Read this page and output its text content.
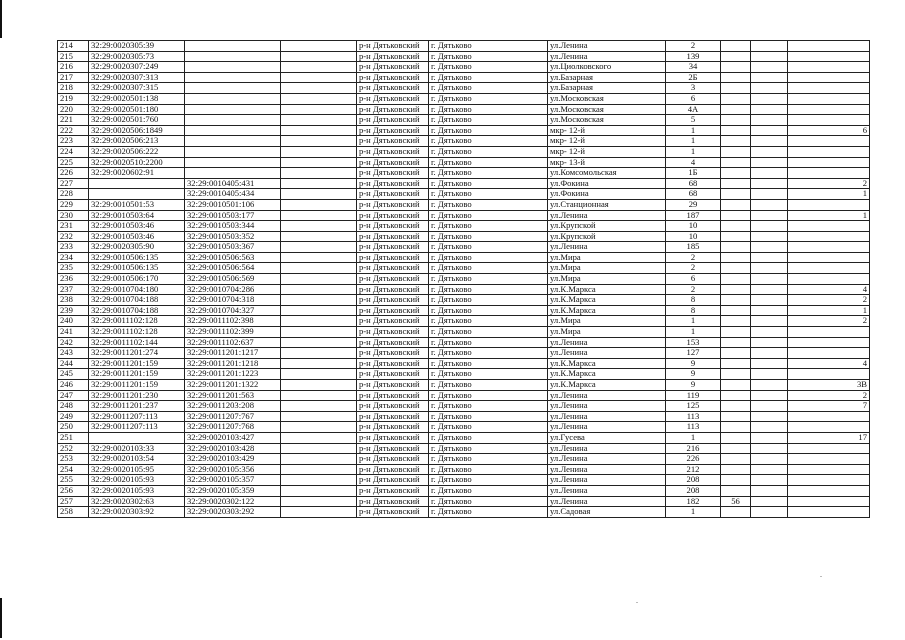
214	32:29:0020305:39			р-н Дятьковский	г. Дятьково	ул.Ленина	2			
215	32:29:0020305:73			р-н Дятьковский	г. Дятьково	ул.Ленина	139			
216	32:29:0020307:249			р-н Дятьковский	г. Дятьково	ул.Циолковского	34			
217	32:29:0020307:313			р-н Дятьковский	г. Дятьково	ул.Базарная	2Б			
218	32:29:0020307:315			р-н Дятьковский	г. Дятьково	ул.Базарная	3			
219	32:29:0020501:138			р-н Дятьковский	г. Дятьково	ул.Московская	6			
220	32:29:0020501:180			р-н Дятьковский	г. Дятьково	ул.Московская	4А			
221	32:29:0020501:760			р-н Дятьковский	г. Дятьково	ул.Московская	5			
222	32:29:0020506:1849			р-н Дятьковский	г. Дятьково	мкр- 12-й	1			6
223	32:29:0020506:213			р-н Дятьковский	г. Дятьково	мкр- 12-й	1			
224	32:29:0020506:222			р-н Дятьковский	г. Дятьково	мкр- 12-й	1			
225	32:29:0020510:2200			р-н Дятьковский	г. Дятьково	мкр- 13-й	4			
226	32:29:0020602:91			р-н Дятьковский	г. Дятьково	ул.Комсомольская	1Б			
227		32:29:0010405:431		р-н Дятьковский	г. Дятьково	ул.Фокина	68			2
228		32:29:0010405:434		р-н Дятьковский	г. Дятьково	ул.Фокина	68			1
229	32:29:0010501:53	32:29:0010501:106		р-н Дятьковский	г. Дятьково	ул.Станционная	29			
230	32:29:0010503:64	32:29:0010503:177		р-н Дятьковский	г. Дятьково	ул.Ленина	187			1
231	32:29:0010503:46	32:29:0010503:344		р-н Дятьковский	г. Дятьково	ул.Крупской	10			
232	32:29:0010503:46	32:29:0010503:352		р-н Дятьковский	г. Дятьково	ул.Крупской	10			
233	32:29:0020305:90	32:29:0010503:367		р-н Дятьковский	г. Дятьково	ул.Ленина	185			
234	32:29:0010506:135	32:29:0010506:563		р-н Дятьковский	г. Дятьково	ул.Мира	2			
235	32:29:0010506:135	32:29:0010506:564		р-н Дятьковский	г. Дятьково	ул.Мира	2			
236	32:29:0010506:170	32:29:0010506:569		р-н Дятьковский	г. Дятьково	ул.Мира	6			
237	32:29:0010704:180	32:29:0010704:286		р-н Дятьковский	г. Дятьково	ул.К.Маркса	2			4
238	32:29:0010704:188	32:29:0010704:318		р-н Дятьковский	г. Дятьково	ул.К.Маркса	8			2
239	32:29:0010704:188	32:29:0010704:327		р-н Дятьковский	г. Дятьково	ул.К.Маркса	8			1
240	32:29:0011102:128	32:29:0011102:398		р-н Дятьковский	г. Дятьково	ул.Мира	1			2
241	32:29:0011102:128	32:29:0011102:399		р-н Дятьковский	г. Дятьково	ул.Мира	1			
242	32:29:0011102:144	32:29:0011102:637		р-н Дятьковский	г. Дятьково	ул.Ленина	153			
243	32:29:0011201:274	32:29:0011201:1217		р-н Дятьковский	г. Дятьково	ул.Ленина	127			
244	32:29:0011201:159	32:29:0011201:1218		р-н Дятьковский	г. Дятьково	ул.К.Маркса	9			4
245	32:29:0011201:159	32:29:0011201:1223		р-н Дятьковский	г. Дятьково	ул.К.Маркса	9			
246	32:29:0011201:159	32:29:0011201:1322		р-н Дятьковский	г. Дятьково	ул.К.Маркса	9			3В
247	32:29:0011201:230	32:29:0011201:563		р-н Дятьковский	г. Дятьково	ул.Ленина	119			2
248	32:29:0011201:237	32:29:0011203:208		р-н Дятьковский	г. Дятьково	ул.Ленина	125			7
249	32:29:0011207:113	32:29:0011207:767		р-н Дятьковский	г. Дятьково	ул.Ленина	113			
250	32:29:0011207:113	32:29:0011207:768		р-н Дятьковский	г. Дятьково	ул.Ленина	113			
251		32:29:0020103:427		р-н Дятьковский	г. Дятьково	ул.Гусева	1			17
252	32:29:0020103:33	32:29:0020103:428		р-н Дятьковский	г. Дятьково	ул.Ленина	216			
253	32:29:0020103:54	32:29:0020103:429		р-н Дятьковский	г. Дятьково	ул.Ленина	226			
254	32:29:0020105:95	32:29:0020105:356		р-н Дятьковский	г. Дятьково	ул.Ленина	212			
255	32:29:0020105:93	32:29:0020105:357		р-н Дятьковский	г. Дятьково	ул.Ленина	208			
256	32:29:0020105:93	32:29:0020105:359		р-н Дятьковский	г. Дятьково	ул.Ленина	208			
257	32:29:0020302:63	32:29:0020302:122		р-н Дятьковский	г. Дятьково	ул.Ленина	182	56		
258	32:29:0020303:92	32:29:0020303:292		р-н Дятьковский	г. Дятьково	ул.Садовая	1			
